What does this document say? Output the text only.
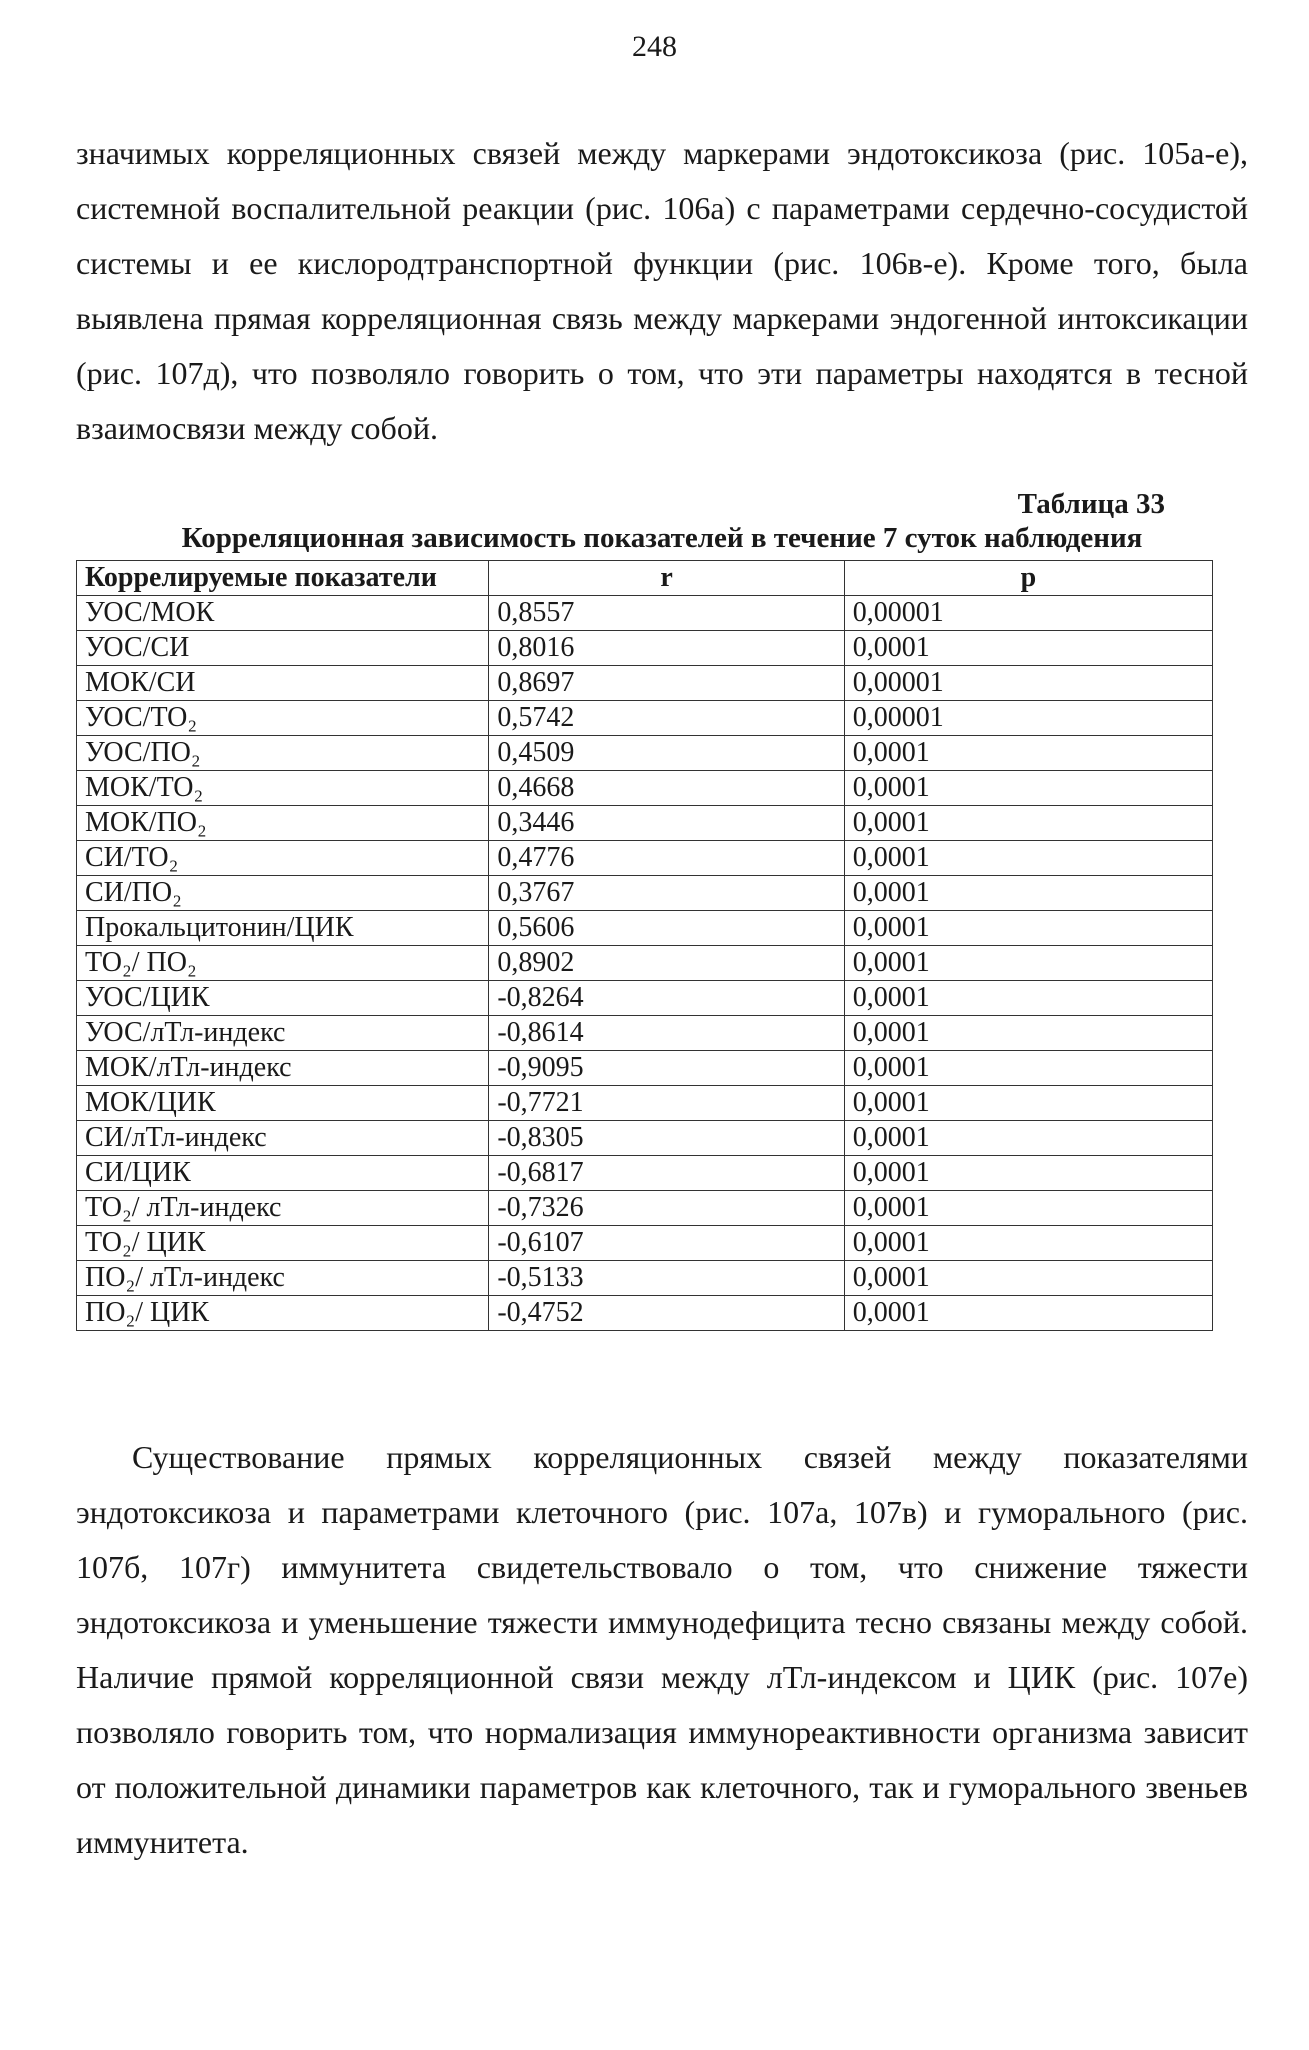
248

значимых корреляционных связей между маркерами эндотоксикоза (рис. 105а-е), системной воспалительной реакции (рис. 106а) с параметрами сердечно-сосудистой системы и ее кислородтранспортной функции (рис. 106в-е). Кроме того, была выявлена прямая корреляционная связь между маркерами эндогенной интоксикации (рис. 107д), что позволяло говорить о том, что эти параметры находятся в тесной взаимосвязи между собой.

Таблица 33
Корреляционная зависимость показателей в течение 7 суток наблюдения
Коррелируемые показатели	r	p
УОС/МОК	0,8557	0,00001
УОС/СИ	0,8016	0,0001
МОК/СИ	0,8697	0,00001
УОС/ТО₂	0,5742	0,00001
УОС/ПО₂	0,4509	0,0001
МОК/ТО₂	0,4668	0,0001
МОК/ПО₂	0,3446	0,0001
СИ/ТО₂	0,4776	0,0001
СИ/ПО₂	0,3767	0,0001
Прокальцитонин/ЦИК	0,5606	0,0001
ТО₂/ ПО₂	0,8902	0,0001
УОС/ЦИК	-0,8264	0,0001
УОС/лТл-индекс	-0,8614	0,0001
МОК/лТл-индекс	-0,9095	0,0001
МОК/ЦИК	-0,7721	0,0001
СИ/лТл-индекс	-0,8305	0,0001
СИ/ЦИК	-0,6817	0,0001
ТО₂/ лТл-индекс	-0,7326	0,0001
ТО₂/ ЦИК	-0,6107	0,0001
ПО₂/ лТл-индекс	-0,5133	0,0001
ПО₂/ ЦИК	-0,4752	0,0001

Существование прямых корреляционных связей между показателями эндотоксикоза и параметрами клеточного (рис. 107а, 107в) и гуморального (рис. 107б, 107г) иммунитета свидетельствовало о том, что снижение тяжести эндотоксикоза и уменьшение тяжести иммунодефицита тесно связаны между собой. Наличие прямой корреляционной связи между лТл-индексом и ЦИК (рис. 107е) позволяло говорить том, что нормализация иммунореактивности организма зависит от положительной динамики параметров как клеточного, так и гуморального звеньев иммунитета.
